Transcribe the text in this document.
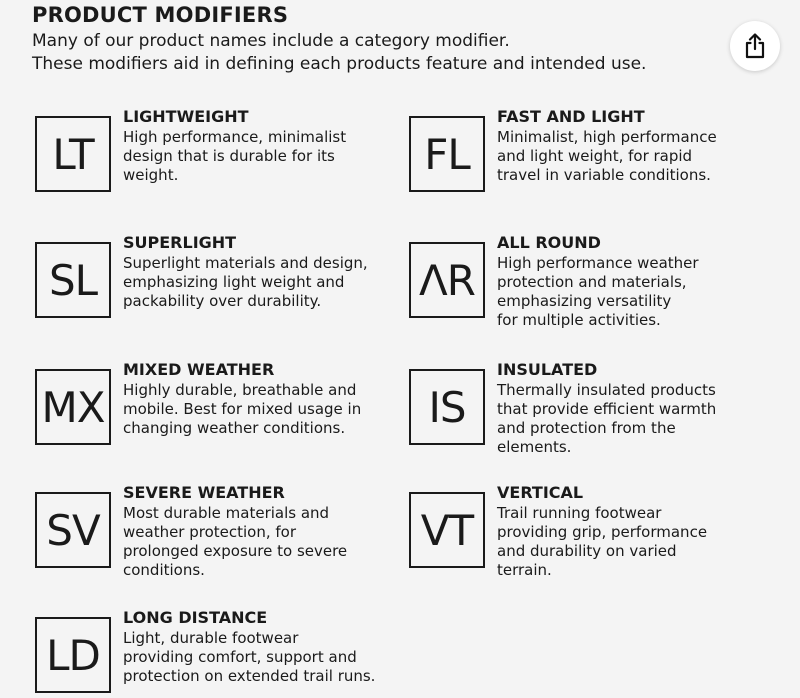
PRODUCT MODIFIERS
Many of our product names include a category modifier.
These modifiers aid in defining each products feature and intended use.
LT
LIGHTWEIGHT
High performance, minimalist
design that is durable for its
weight.	FL
FAST AND LIGHT
Minimalist, high performance
and light weight, for rapid
travel in variable conditions.
SL
SUPERLIGHT
Superlight materials and design,
emphasizing light weight and
packability over durability.	ΛR
ALL ROUND
High performance weather
protection and materials,
emphasizing versatility
for multiple activities.
MX
MIXED WEATHER
Highly durable, breathable and
mobile. Best for mixed usage in
changing weather conditions.	IS
INSULATED
Thermally insulated products
that provide efficient warmth
and protection from the
elements.
SV
SEVERE WEATHER
Most durable materials and
weather protection, for
prolonged exposure to severe
conditions.
VT
VERTICAL
Trail running footwear
providing grip, performance
and durability on varied
terrain.
LD
LONG DISTANCE
Light, durable footwear
providing comfort, support and
protection on extended trail runs.
